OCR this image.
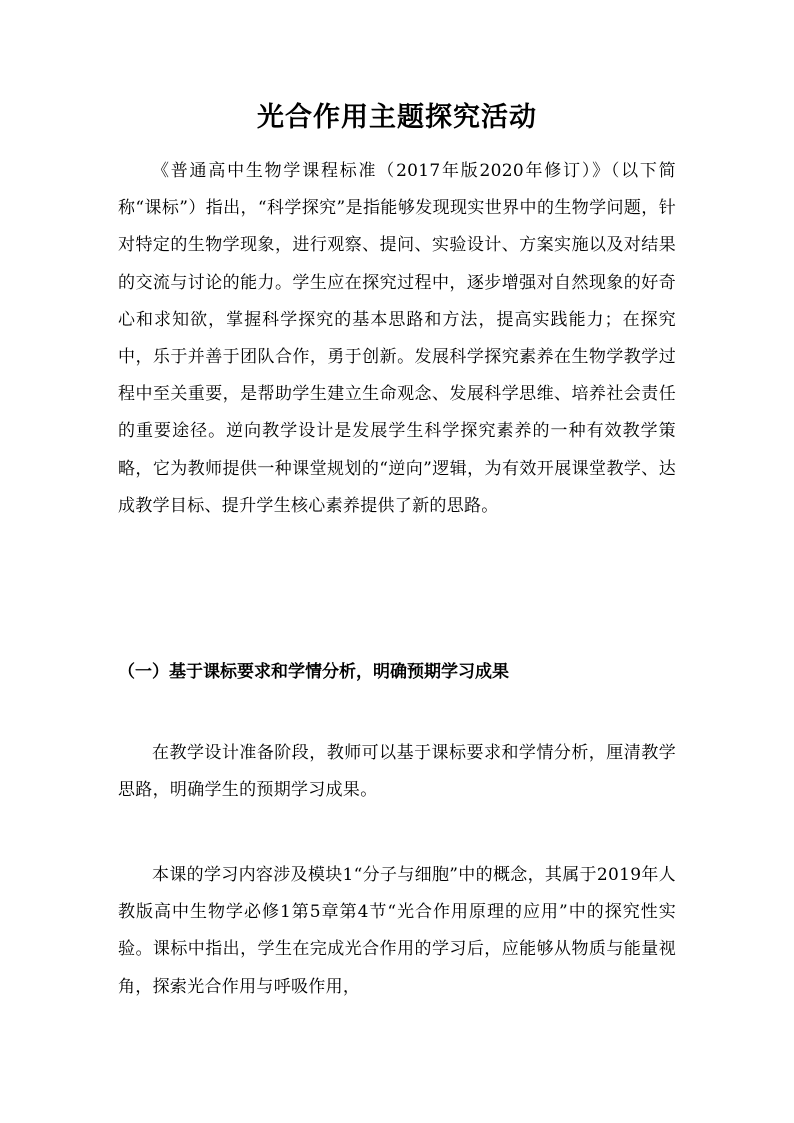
光合作用主题探究活动

《普通高中生物学课程标准（2017年版2020年修订）》（以下简称“课标”）指出，“科学探究”是指能够发现现实世界中的生物学问题，针对特定的生物学现象，进行观察、提问、实验设计、方案实施以及对结果的交流与讨论的能力。学生应在探究过程中，逐步增强对自然现象的好奇心和求知欲，掌握科学探究的基本思路和方法，提高实践能力；在探究中，乐于并善于团队合作，勇于创新。发展科学探究素养在生物学教学过程中至关重要，是帮助学生建立生命观念、发展科学思维、培养社会责任的重要途径。逆向教学设计是发展学生科学探究素养的一种有效教学策略，它为教师提供一种课堂规划的“逆向”逻辑，为有效开展课堂教学、达成教学目标、提升学生核心素养提供了新的思路。

（一）基于课标要求和学情分析，明确预期学习成果

在教学设计准备阶段，教师可以基于课标要求和学情分析，厘清教学思路，明确学生的预期学习成果。

本课的学习内容涉及模块1“分子与细胞”中的概念，其属于2019年人教版高中生物学必修1第5章第4节“光合作用原理的应用”中的探究性实验。课标中指出，学生在完成光合作用的学习后，应能够从物质与能量视角，探索光合作用与呼吸作用，
